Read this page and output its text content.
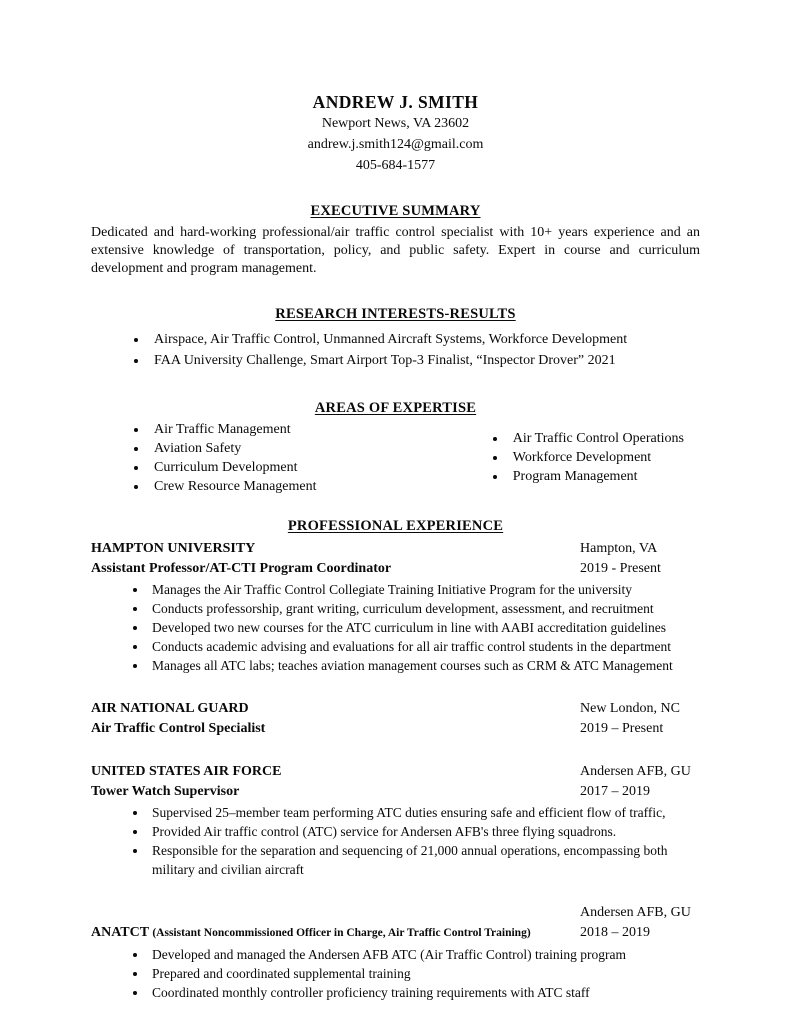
ANDREW J. SMITH
Newport News, VA 23602
andrew.j.smith124@gmail.com
405-684-1577
EXECUTIVE SUMMARY

Dedicated and hard-working professional/air traffic control specialist with 10+ years experience and an extensive knowledge of transportation, policy, and public safety. Expert in course and curriculum development and program management.

RESEARCH INTERESTS-RESULTS
• Airspace, Air Traffic Control, Unmanned Aircraft Systems, Workforce Development
• FAA University Challenge, Smart Airport Top-3 Finalist, “Inspector Drover” 2021
AREAS OF EXPERTISE
• Air Traffic Management
• Aviation Safety
• Curriculum Development
• Crew Resource Management
• Air Traffic Control Operations
• Workforce Development
• Program Management
PROFESSIONAL EXPERIENCE
HAMPTON UNIVERSITY	Hampton, VA
Assistant Professor/AT-CTI Program Coordinator	2019 - Present
• Manages the Air Traffic Control Collegiate Training Initiative Program for the university
• Conducts professorship, grant writing, curriculum development, assessment, and recruitment
• Developed two new courses for the ATC curriculum in line with AABI accreditation guidelines
• Conducts academic advising and evaluations for all air traffic control students in the department
• Manages all ATC labs; teaches aviation management courses such as CRM & ATC Management
AIR NATIONAL GUARD	New London, NC
Air Traffic Control Specialist	2019 – Present
UNITED STATES AIR FORCE	Andersen AFB, GU
Tower Watch Supervisor	2017 – 2019
• Supervised 25–member team performing ATC duties ensuring safe and efficient flow of traffic,
• Provided Air traffic control (ATC) service for Andersen AFB's three flying squadrons.
• Responsible for the separation and sequencing of 21,000 annual operations, encompassing both military and civilian aircraft
Andersen AFB, GU
ANATCT (Assistant Noncommissioned Officer in Charge, Air Traffic Control Training)	2018 – 2019
• Developed and managed the Andersen AFB ATC (Air Traffic Control) training program
• Prepared and coordinated supplemental training
• Coordinated monthly controller proficiency training requirements with ATC staff
